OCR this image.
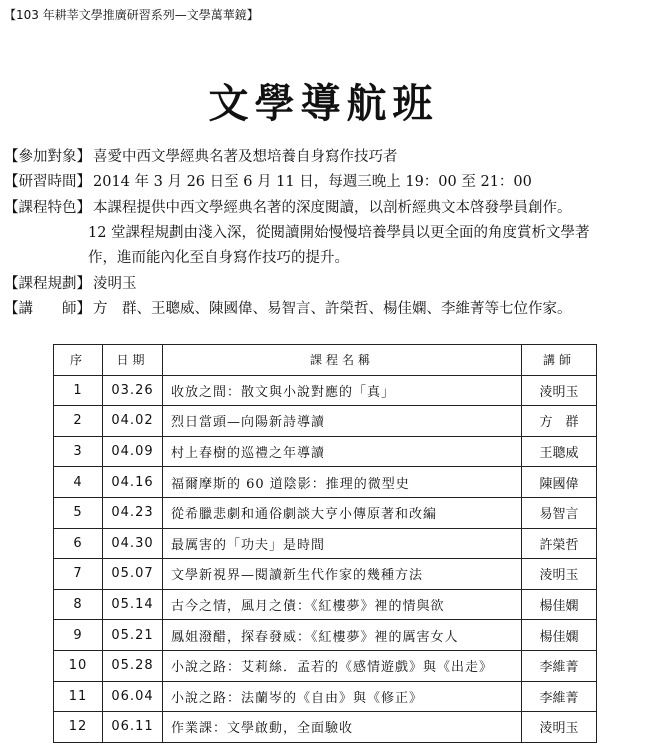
【103 年耕莘文學推廣研習系列—文學萬華鏡】
文學導航班
【參加對象】 喜愛中西文學經典名著及想培養自身寫作技巧者
【研習時間】 2014 年 3 月 26 日至 6 月 11 日，每週三晚上 19：00 至 21：00
【課程特色】 本課程提供中西文學經典名著的深度閱讀，以剖析經典文本啓發學員創作。
12 堂課程規劃由淺入深，從閱讀開始慢慢培養學員以更全面的角度賞析文學著
作，進而能內化至自身寫作技巧的提升。
【課程規劃】 淩明玉
【講　　師】 方　群、王聰威、陳國偉、易智言、許榮哲、楊佳嫻、李維菁等七位作家。
序	日期	課程名稱	講師
1	03.26	收放之間：散文與小說對應的「真」	淩明玉
2	04.02	烈日當頭—向陽新詩導讀	方　群
3	04.09	村上春樹的巡禮之年導讀	王聰威
4	04.16	福爾摩斯的 60 道陰影：推理的微型史	陳國偉
5	04.23	從希臘悲劇和通俗劇談大亨小傳原著和改編	易智言
6	04.30	最厲害的「功夫」是時間	許榮哲
7	05.07	文學新視界—閱讀新生代作家的幾種方法	淩明玉
8	05.14	古今之情，風月之債：《紅樓夢》裡的情與欲	楊佳嫻
9	05.21	鳳姐潑醋，探春發威：《紅樓夢》裡的厲害女人	楊佳嫻
10	05.28	小說之路：艾莉絲．孟若的《感情遊戲》與《出走》	李維菁
11	06.04	小說之路：法蘭岑的《自由》與《修正》	李維菁
12	06.11	作業課：文學啟動，全面驗收	淩明玉
